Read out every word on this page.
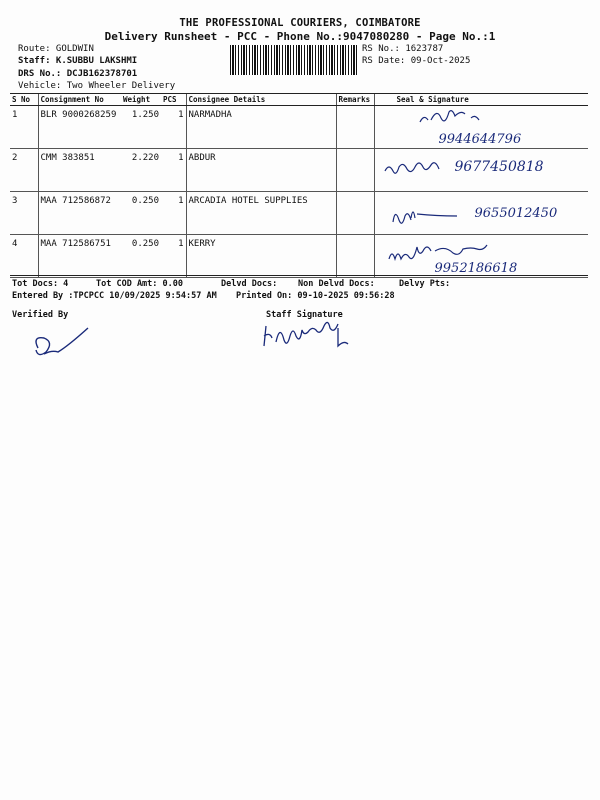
THE PROFESSIONAL COURIERS, COIMBATORE
Delivery Runsheet - PCC - Phone No.:9047080280 - Page No.:1
Route: GOLDWIN
Staff: K.SUBBU LAKSHMI
DRS No.: DCJB162378701
Vehicle: Two Wheeler Delivery
RS No.: 1623787
RS Date: 09-Oct-2025
S No	Consignment No	Weight	PCS	Consignee Details	Remarks	Seal & Signature
1	BLR 9000268259	1.250	1	NARMADHA		9944644796

2	CMM 383851	2.220	1	ABDUR		9677450818

3	MAA 712586872	0.250	1	ARCADIA HOTEL SUPPLIES		9655012450

4	MAA 712586751	0.250	1	KERRY		9952186618
Tot Docs: 4	Tot COD Amt: 0.00	Delvd Docs: Non Delvd Docs:	Delvy Pts:
Entered By :TPCPCC 10/09/2025 9:54:57 AM Printed On: 09-10-2025 09:56:28
Verified By	Staff Signature
